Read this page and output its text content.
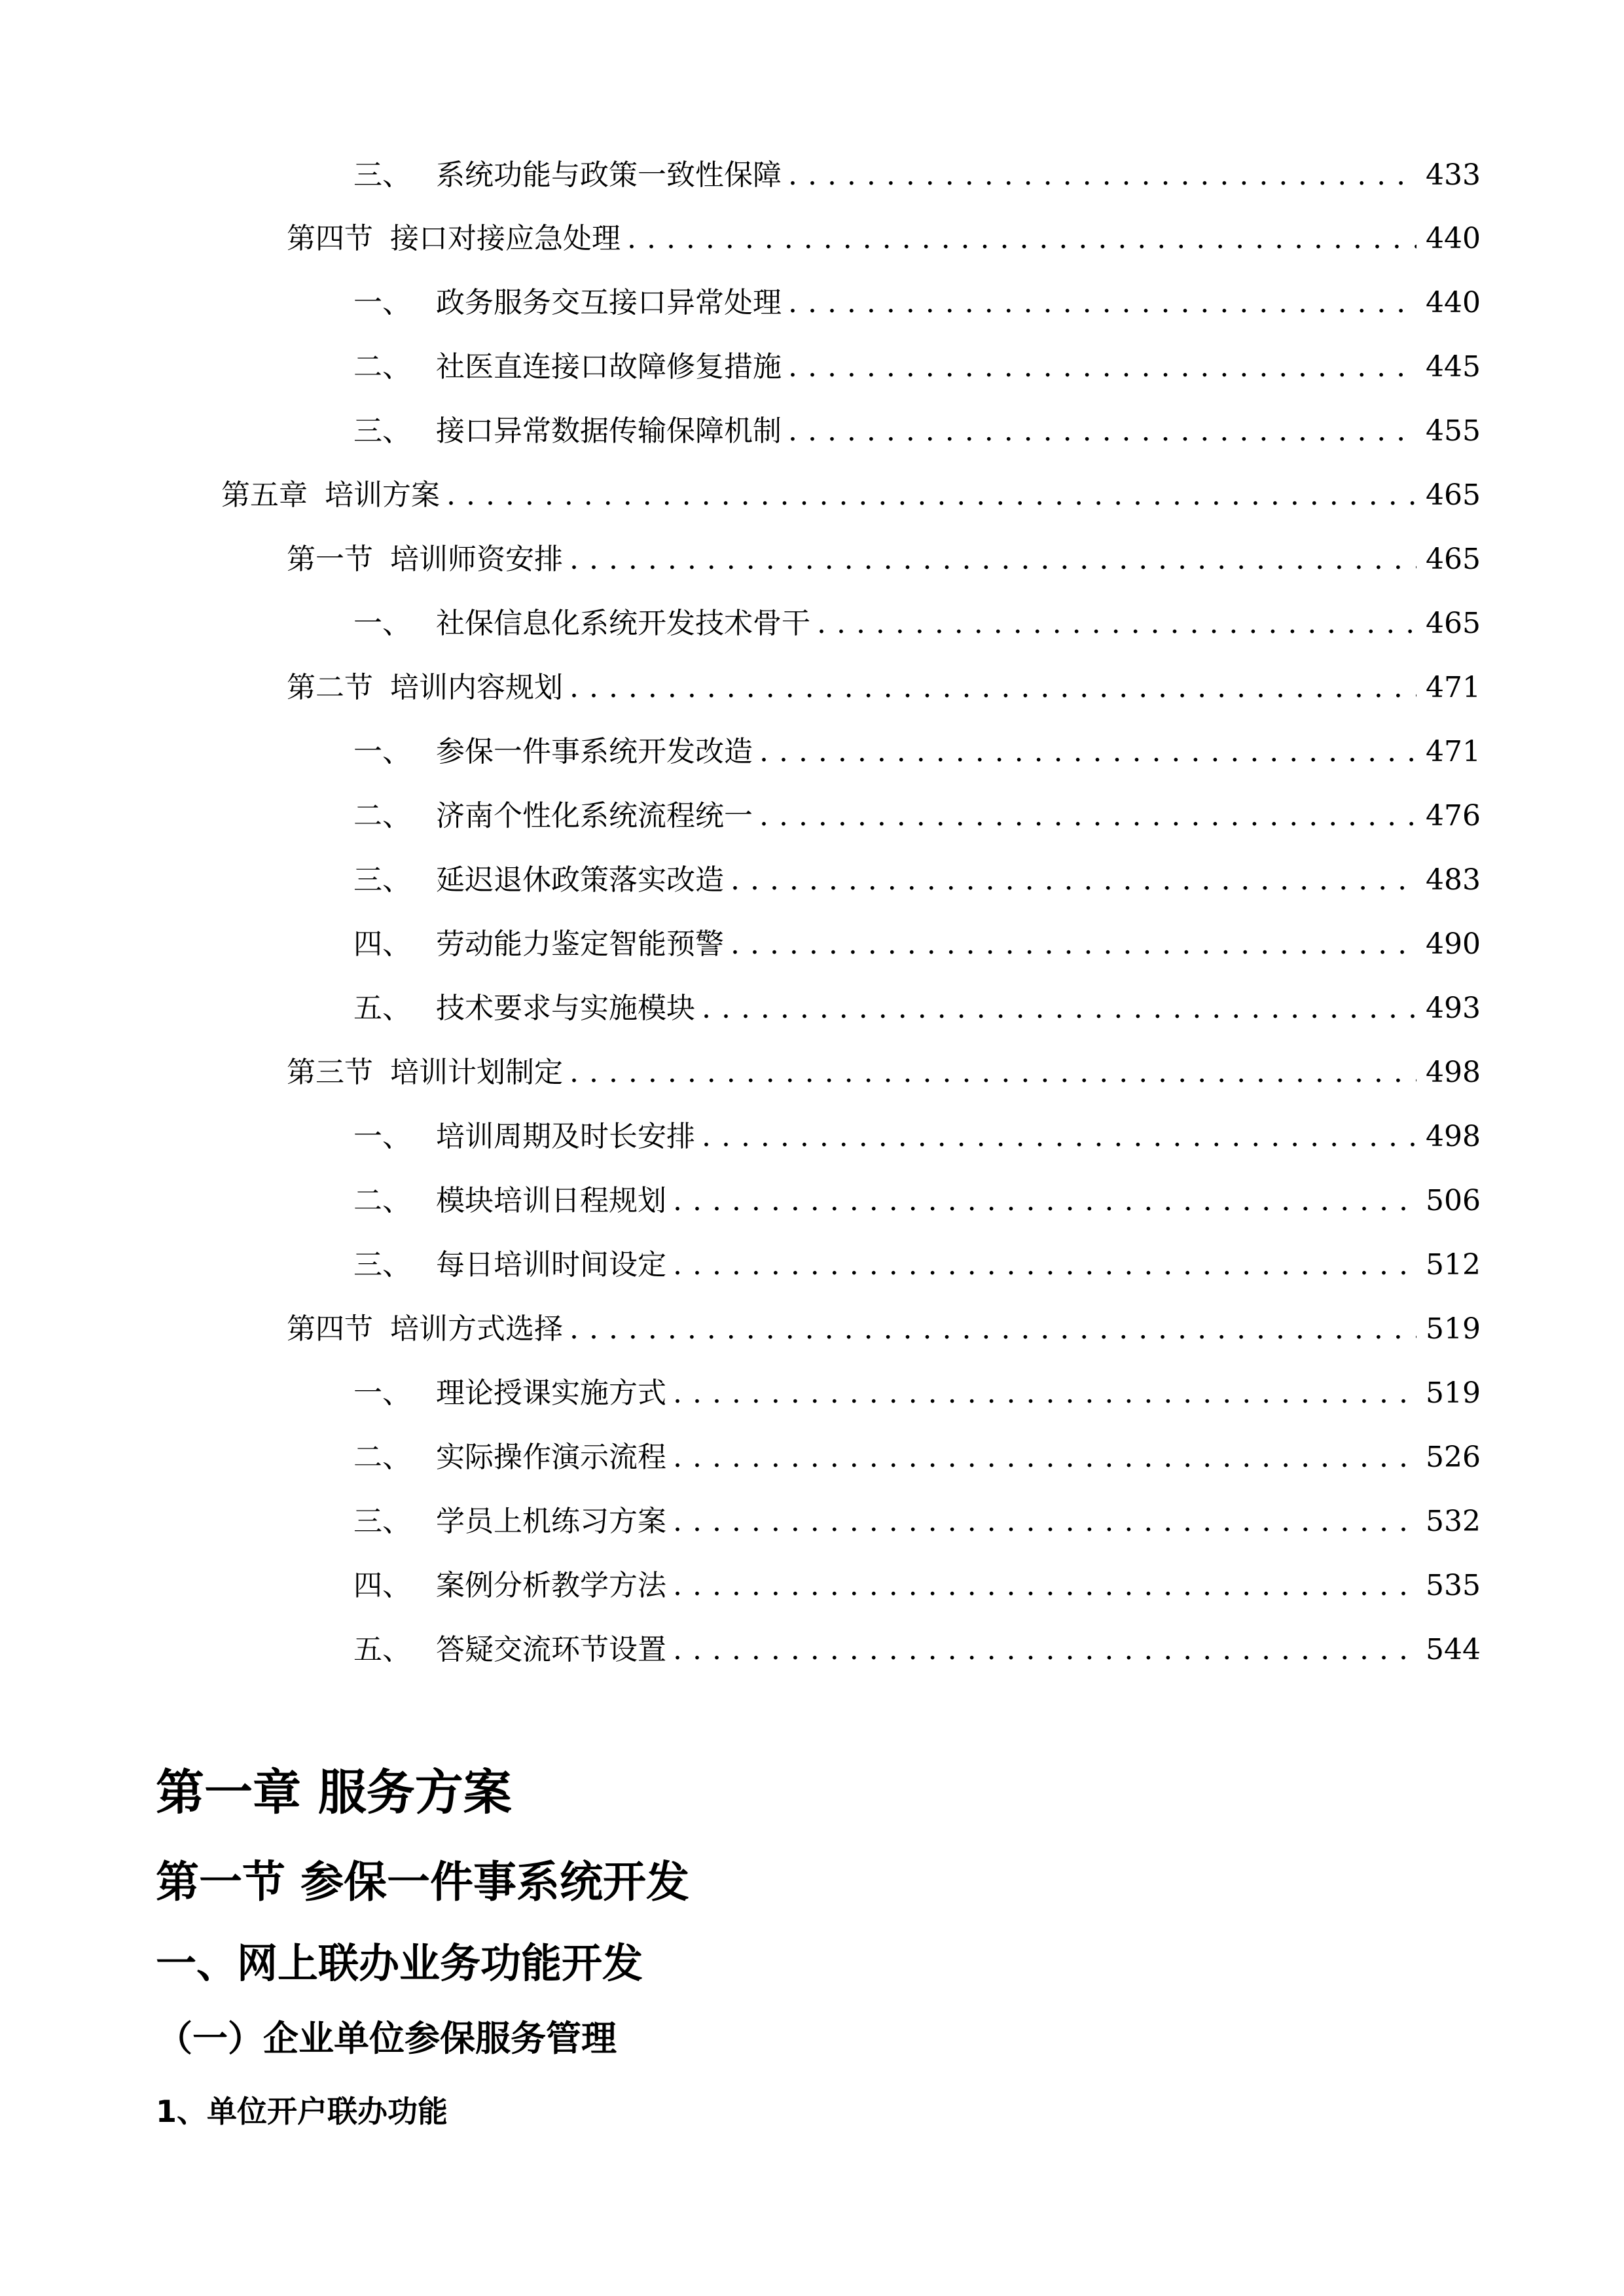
三、 系统功能与政策一致性保障 . . .	433
第四节 接口对接应急处理 . . .	440
一、 政务服务交互接口异常处理 . . .	440
二、 社医直连接口故障修复措施 . . .	445
三、 接口异常数据传输保障机制 . . .	455
第五章 培训方案 . . .	465
第一节 培训师资安排 . . .	465
一、 社保信息化系统开发技术骨干 . . .	465
第二节 培训内容规划 . . .	471
一、 参保一件事系统开发改造 . . .	471
二、 济南个性化系统流程统一 . . .	476
三、 延迟退休政策落实改造 . . .	483
四、 劳动能力鉴定智能预警 . . .	490
五、 技术要求与实施模块 . . .	493
第三节 培训计划制定 . . .	498
一、 培训周期及时长安排 . . .	498
二、 模块培训日程规划 . . .	506
三、 每日培训时间设定 . . .	512
第四节 培训方式选择 . . .	519
一、 理论授课实施方式 . . .	519
二、 实际操作演示流程 . . .	526
三、 学员上机练习方案 . . .	532
四、 案例分析教学方法 . . .	535
五、 答疑交流环节设置 . . .	544
第一章 服务方案
第一节 参保一件事系统开发
一、网上联办业务功能开发
（一）企业单位参保服务管理
1、单位开户联办功能
